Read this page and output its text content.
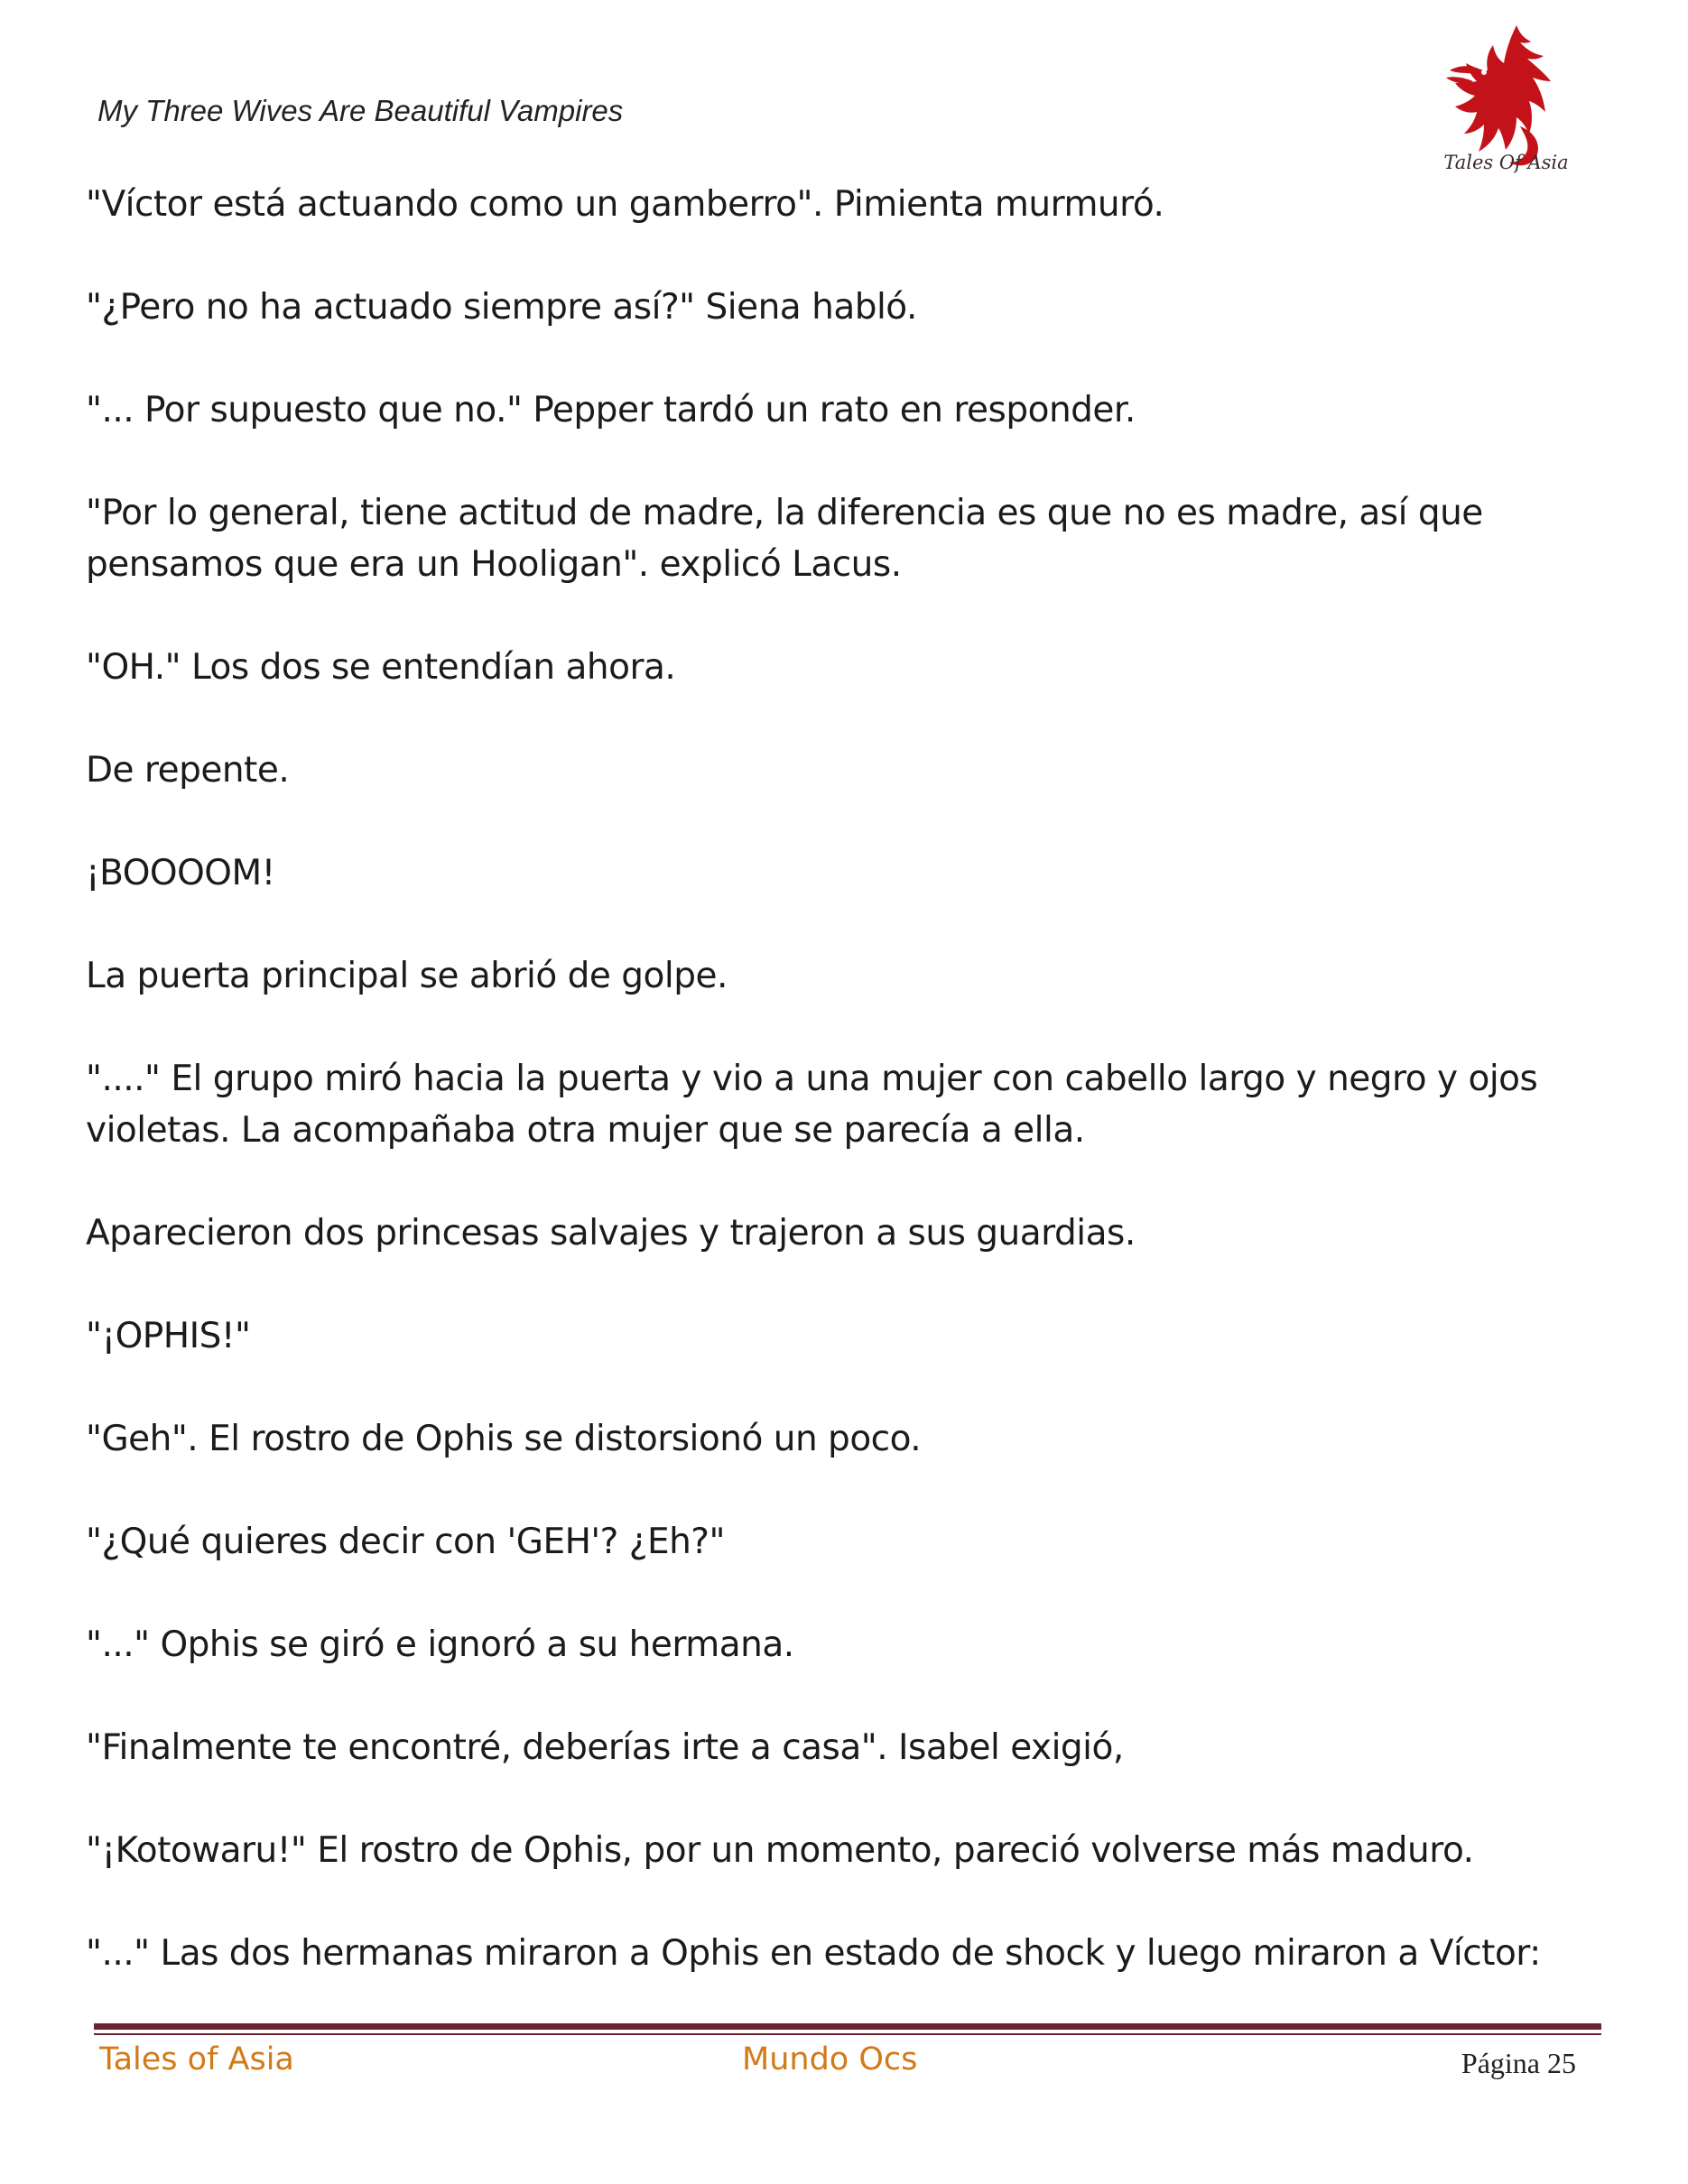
My Three Wives Are Beautiful Vampires
Tales Of Asia

"Víctor está actuando como un gamberro". Pimienta murmuró.

"¿Pero no ha actuado siempre así?" Siena habló.

"... Por supuesto que no." Pepper tardó un rato en responder.

"Por lo general, tiene actitud de madre, la diferencia es que no es madre, así que pensamos que era un Hooligan". explicó Lacus.

"OH." Los dos se entendían ahora.

De repente.

¡BOOOOM!

La puerta principal se abrió de golpe.

"...." El grupo miró hacia la puerta y vio a una mujer con cabello largo y negro y ojos violetas. La acompañaba otra mujer que se parecía a ella.

Aparecieron dos princesas salvajes y trajeron a sus guardias.

"¡OPHIS!"

"Geh". El rostro de Ophis se distorsionó un poco.

"¿Qué quieres decir con 'GEH'? ¿Eh?"

"..." Ophis se giró e ignoró a su hermana.

"Finalmente te encontré, deberías irte a casa". Isabel exigió,

"¡Kotowaru!" El rostro de Ophis, por un momento, pareció volverse más maduro.

"..." Las dos hermanas miraron a Ophis en estado de shock y luego miraron a Víctor:

Tales of Asia	Mundo Ocs	Página 25
